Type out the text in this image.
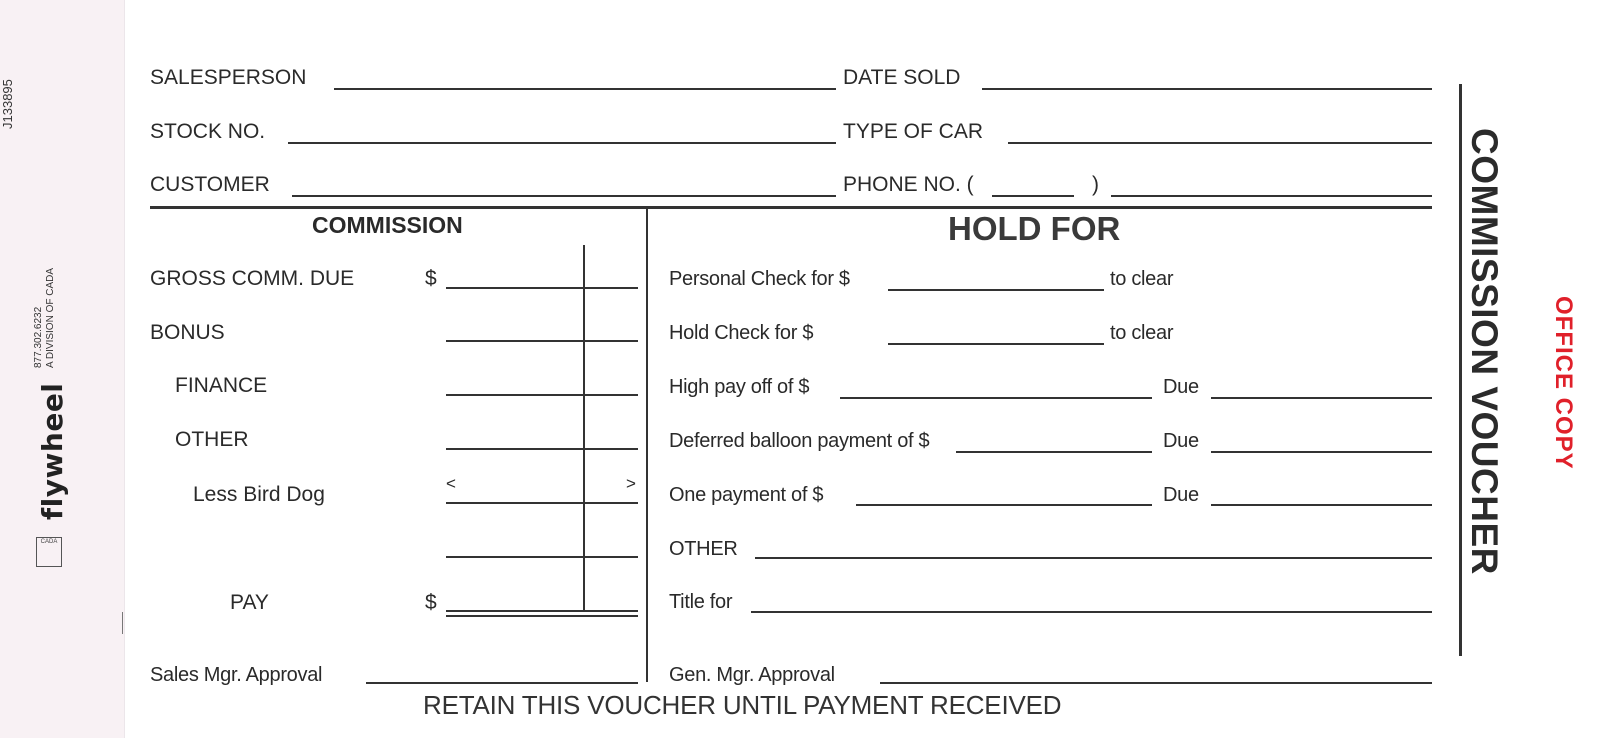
J133895
flywheel
877.302.6232 A DIVISION OF CADA
CADA
SALESPERSON	DATE SOLD
STOCK NO.	TYPE OF CAR
CUSTOMER	PHONE NO. (	)
COMMISSION
GROSS COMM. DUE	$
BONUS
FINANCE
OTHER
Less Bird Dog	<	>
PAY	$
Sales Mgr. Approval
HOLD FOR
Personal Check for $	to clear
Hold Check for $	to clear
High pay off of $	Due
Deferred balloon payment of $	Due
One payment of $	Due
OTHER
Title for
Gen. Mgr. Approval
RETAIN THIS VOUCHER UNTIL PAYMENT RECEIVED
COMMISSION VOUCHER OFFICE COPY
